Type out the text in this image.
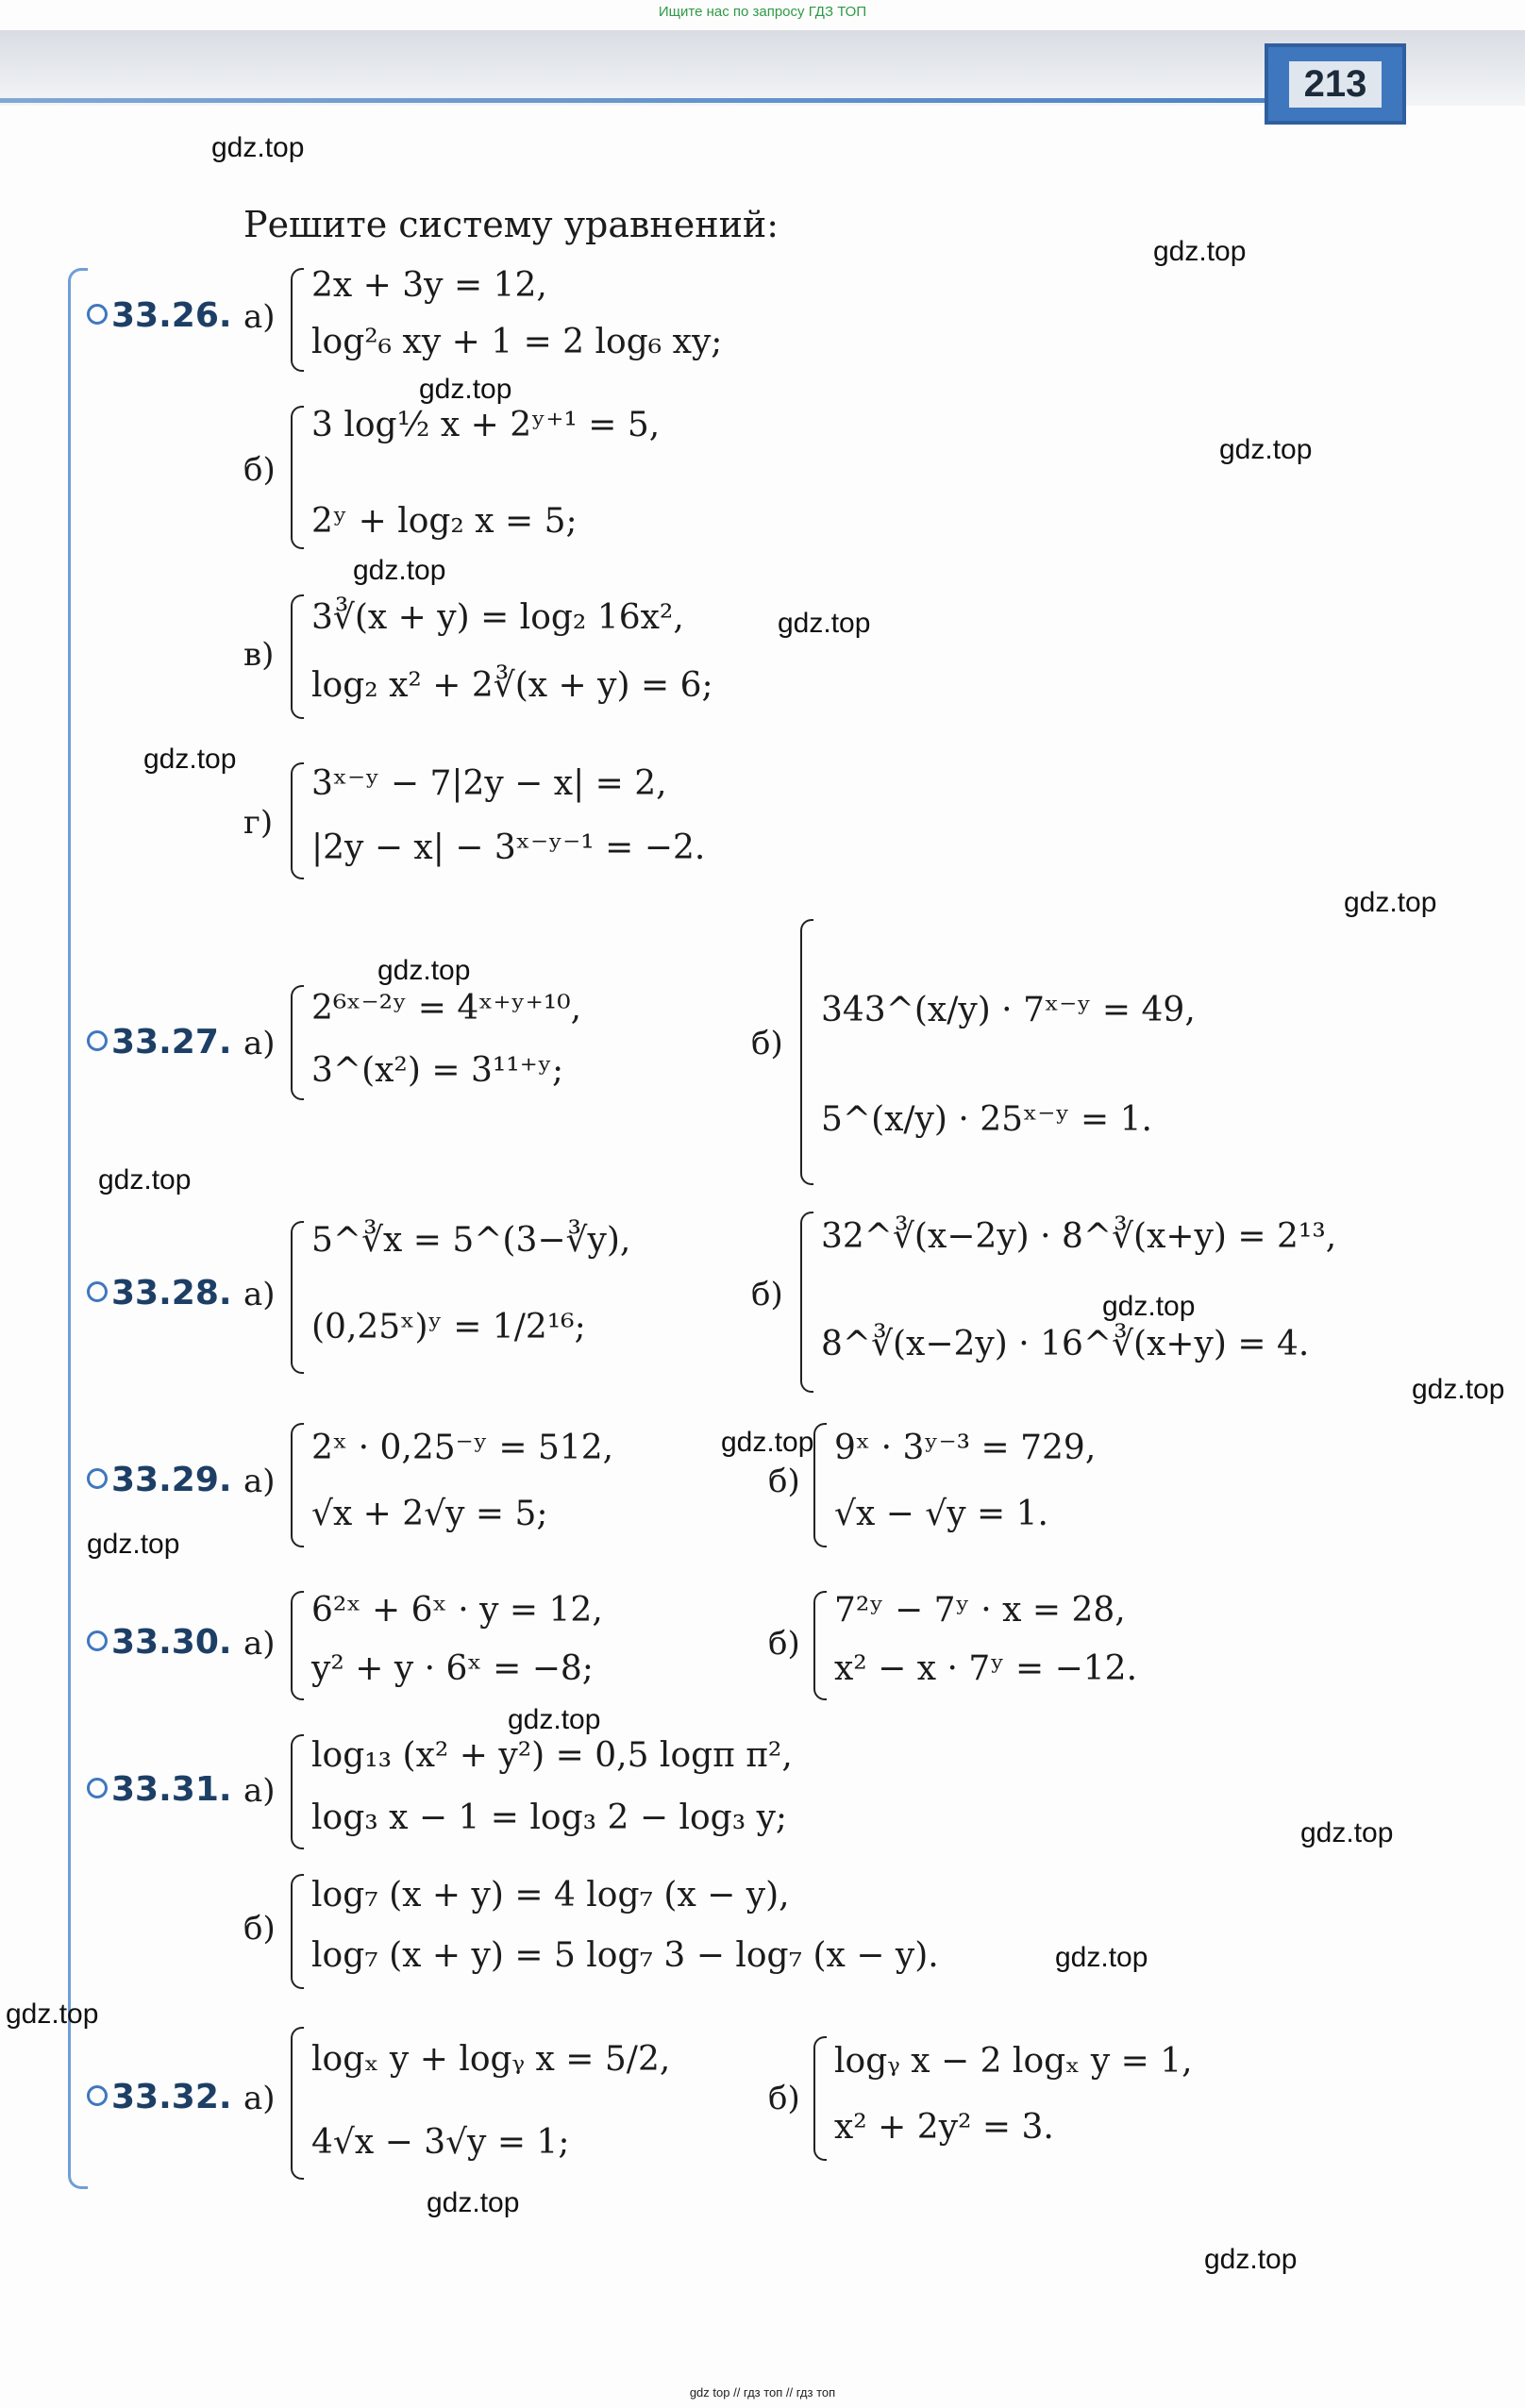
Ищите нас по запросу ГДЗ ТОП
213
Решите систему уравнений:
gdz.top
gdz.top
gdz.top
gdz.top
gdz.top
gdz.top
gdz.top
gdz.top
gdz.top
gdz.top
gdz.top
gdz.top
gdz.top
gdz.top
gdz.top
gdz.top
gdz.top
gdz.top
gdz.top
gdz.top
33.26. а)
2x + 3y = 12,
log²₆ xy + 1 = 2 log₆ xy;
б)
3 log½ x + 2ʸ⁺¹ = 5,
2ʸ + log₂ x = 5;
в)
3∛(x + y) = log₂ 16x²,
log₂ x² + 2∛(x + y) = 6;
г)
3ˣ⁻ʸ − 7|2y − x| = 2,
|2y − x| − 3ˣ⁻ʸ⁻¹ = −2.
33.27. а)
2⁶ˣ⁻²ʸ = 4ˣ⁺ʸ⁺¹⁰,
3^(x²) = 3¹¹⁺ʸ;
б)
343^(x/y) · 7ˣ⁻ʸ = 49,
5^(x/y) · 25ˣ⁻ʸ = 1.
33.28. а)
5^∛x = 5^(3−∛y),
(0,25ˣ)ʸ = 1/2¹⁶;
б)
32^∛(x−2y) · 8^∛(x+y) = 2¹³,
8^∛(x−2y) · 16^∛(x+y) = 4.
33.29. а)
2ˣ · 0,25⁻ʸ = 512,
√x + 2√y = 5;
б)
9ˣ · 3ʸ⁻³ = 729,
√x − √y = 1.
33.30. а)
6²ˣ + 6ˣ · y = 12,
y² + y · 6ˣ = −8;
б)
7²ʸ − 7ʸ · x = 28,
x² − x · 7ʸ = −12.
33.31. а)
log₁₃ (x² + y²) = 0,5 logπ π²,
log₃ x − 1 = log₃ 2 − log₃ y;
б)
log₇ (x + y) = 4 log₇ (x − y),
log₇ (x + y) = 5 log₇ 3 − log₇ (x − y).
33.32. а)
logₓ y + logᵧ x = 5/2,
4√x − 3√y = 1;
б)
logᵧ x − 2 logₓ y = 1,
x² + 2y² = 3.
gdz top // гдз топ // гдз топ
